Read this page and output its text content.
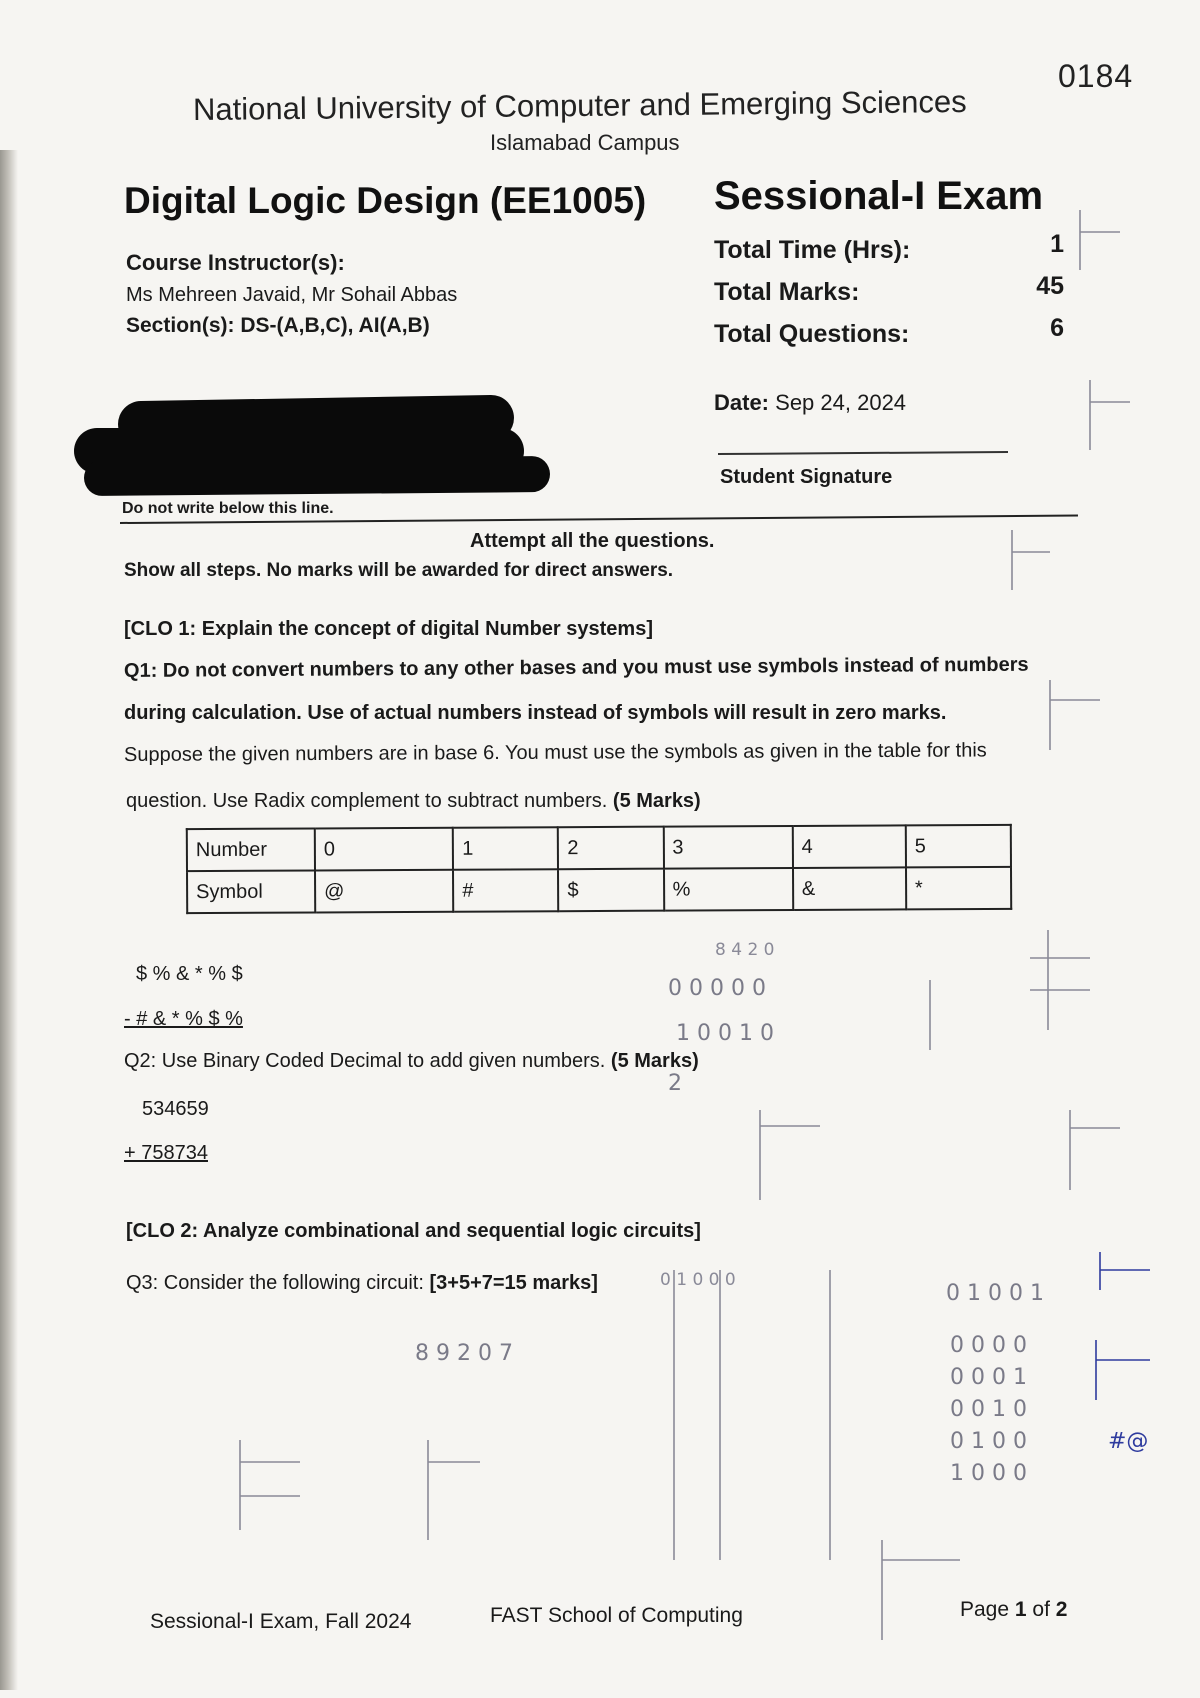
0184
National University of Computer and Emerging Sciences
Islamabad Campus
Digital Logic Design (EE1005) Sessional-I Exam
Course Instructor(s):
Ms Mehreen Javaid, Mr Sohail Abbas
Section(s): DS-(A,B,C), AI(A,B)
Total Time (Hrs):	1
Total Marks:	45
Total Questions:	6
Date: Sep 24, 2024
Student Signature
Do not write below this line.
Attempt all the questions.
Show all steps. No marks will be awarded for direct answers.
[CLO 1: Explain the concept of digital Number systems]
Q1: Do not convert numbers to any other bases and you must use symbols instead of numbers
during calculation. Use of actual numbers instead of symbols will result in zero marks.
Suppose the given numbers are in base 6. You must use the symbols as given in the table for this
question. Use Radix complement to subtract numbers. (5 Marks)
Number	0	1	2	3	4	5
Symbol	@	#	$	%	&	*
$ % & * % $
- # & * % $ %
Q2: Use Binary Coded Decimal to add given numbers. (5 Marks)
534659
+ 758734
[CLO 2: Analyze combinational and sequential logic circuits]
Q3: Consider the following circuit: [3+5+7=15 marks]
Sessional-I Exam, Fall 2024	FAST School of Computing	Page 1 of 2
8 4 2 0
0 0 0 0 0
1 0 0 1 0
2
8 9 2 0 7
0 1 0 0 0
0 1 0 0 1
0 0 0 0
0 0 0 1
0 0 1 0
0 1 0 0
1 0 0 0
#@
